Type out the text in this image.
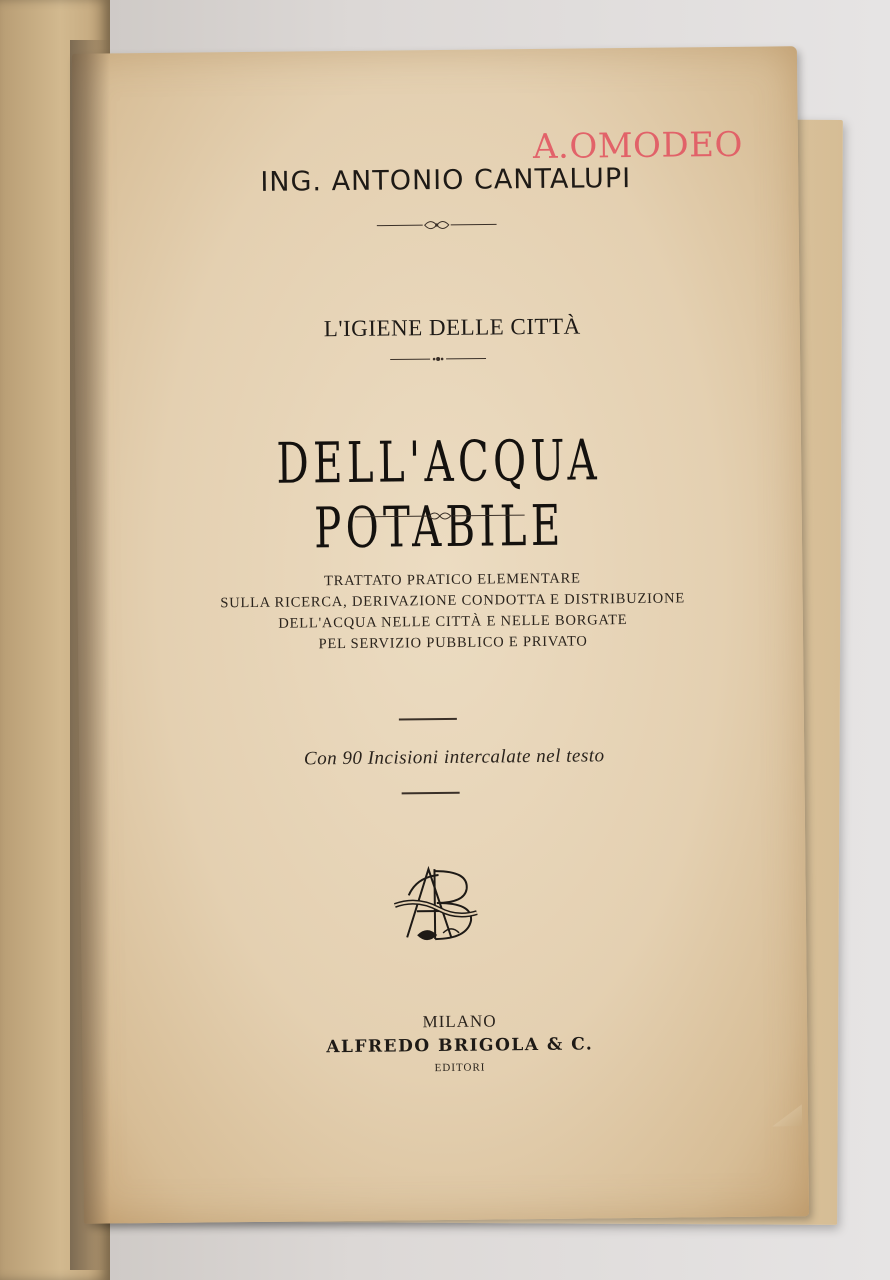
A.OMODEO
ING. ANTONIO CANTALUPI
L'IGIENE DELLE CITTÀ
DELL'ACQUA POTABILE
TRATTATO PRATICO ELEMENTARE
SULLA RICERCA, DERIVAZIONE CONDOTTA E DISTRIBUZIONE
DELL'ACQUA NELLE CITTÀ E NELLE BORGATE
PEL SERVIZIO PUBBLICO E PRIVATO
Con 90 Incisioni intercalate nel testo
MILANO
ALFREDO BRIGOLA & C.
EDITORI
